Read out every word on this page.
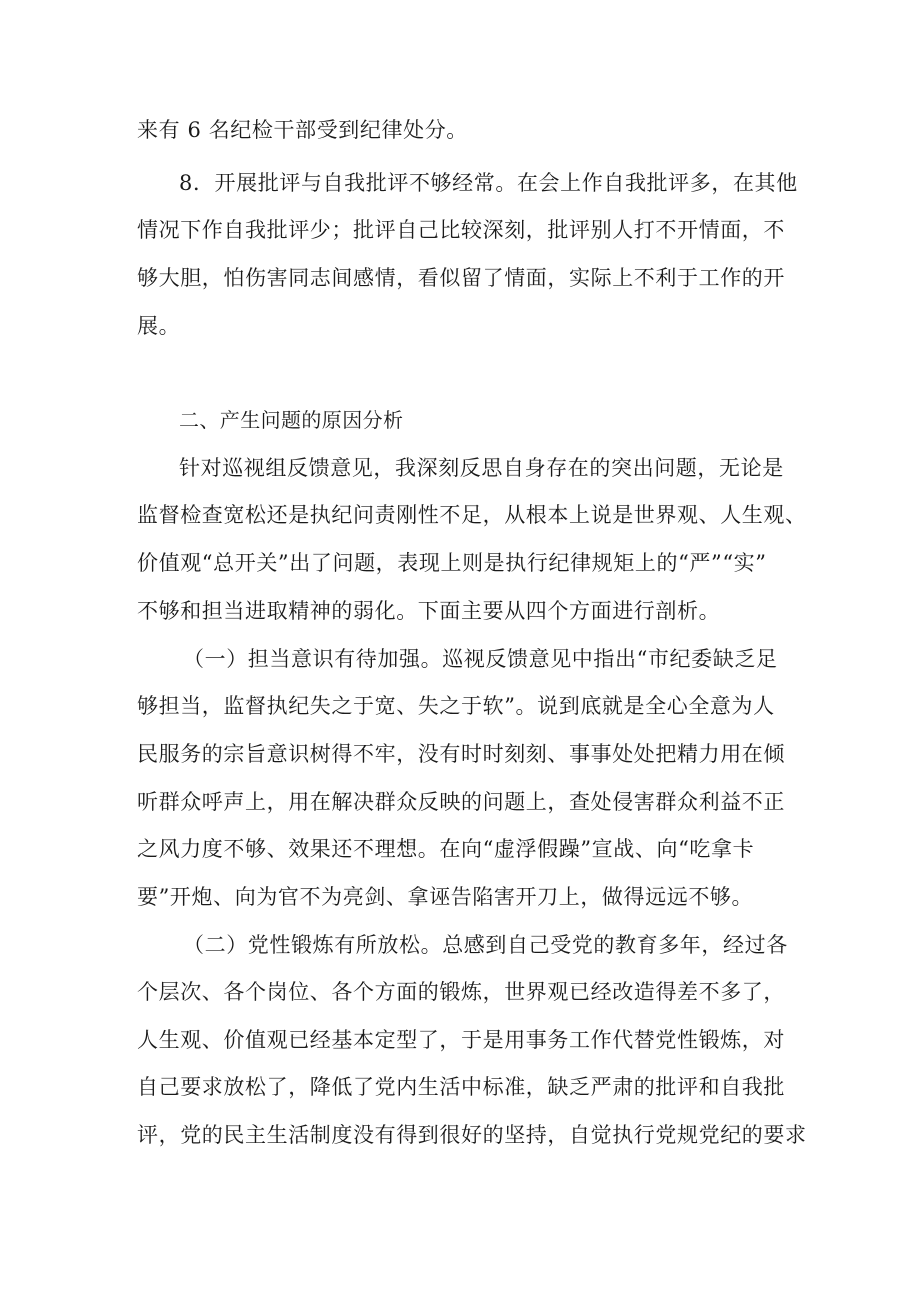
来有 6 名纪检干部受到纪律处分。
8．开展批评与自我批评不够经常。在会上作自我批评多，在其他
情况下作自我批评少；批评自己比较深刻，批评别人打不开情面，不
够大胆，怕伤害同志间感情，看似留了情面，实际上不利于工作的开
展。
二、产生问题的原因分析
针对巡视组反馈意见，我深刻反思自身存在的突出问题，无论是
监督检查宽松还是执纪问责刚性不足，从根本上说是世界观、人生观、
价值观“总开关”出了问题，表现上则是执行纪律规矩上的“严”“实”
不够和担当进取精神的弱化。下面主要从四个方面进行剖析。
（一）担当意识有待加强。巡视反馈意见中指出“市纪委缺乏足
够担当，监督执纪失之于宽、失之于软”。说到底就是全心全意为人
民服务的宗旨意识树得不牢，没有时时刻刻、事事处处把精力用在倾
听群众呼声上，用在解决群众反映的问题上，查处侵害群众利益不正
之风力度不够、效果还不理想。在向“虚浮假躁”宣战、向“吃拿卡
要”开炮、向为官不为亮剑、拿诬告陷害开刀上，做得远远不够。
（二）党性锻炼有所放松。总感到自己受党的教育多年，经过各
个层次、各个岗位、各个方面的锻炼，世界观已经改造得差不多了，
人生观、价值观已经基本定型了，于是用事务工作代替党性锻炼，对
自己要求放松了，降低了党内生活中标准，缺乏严肃的批评和自我批
评，党的民主生活制度没有得到很好的坚持，自觉执行党规党纪的要求
